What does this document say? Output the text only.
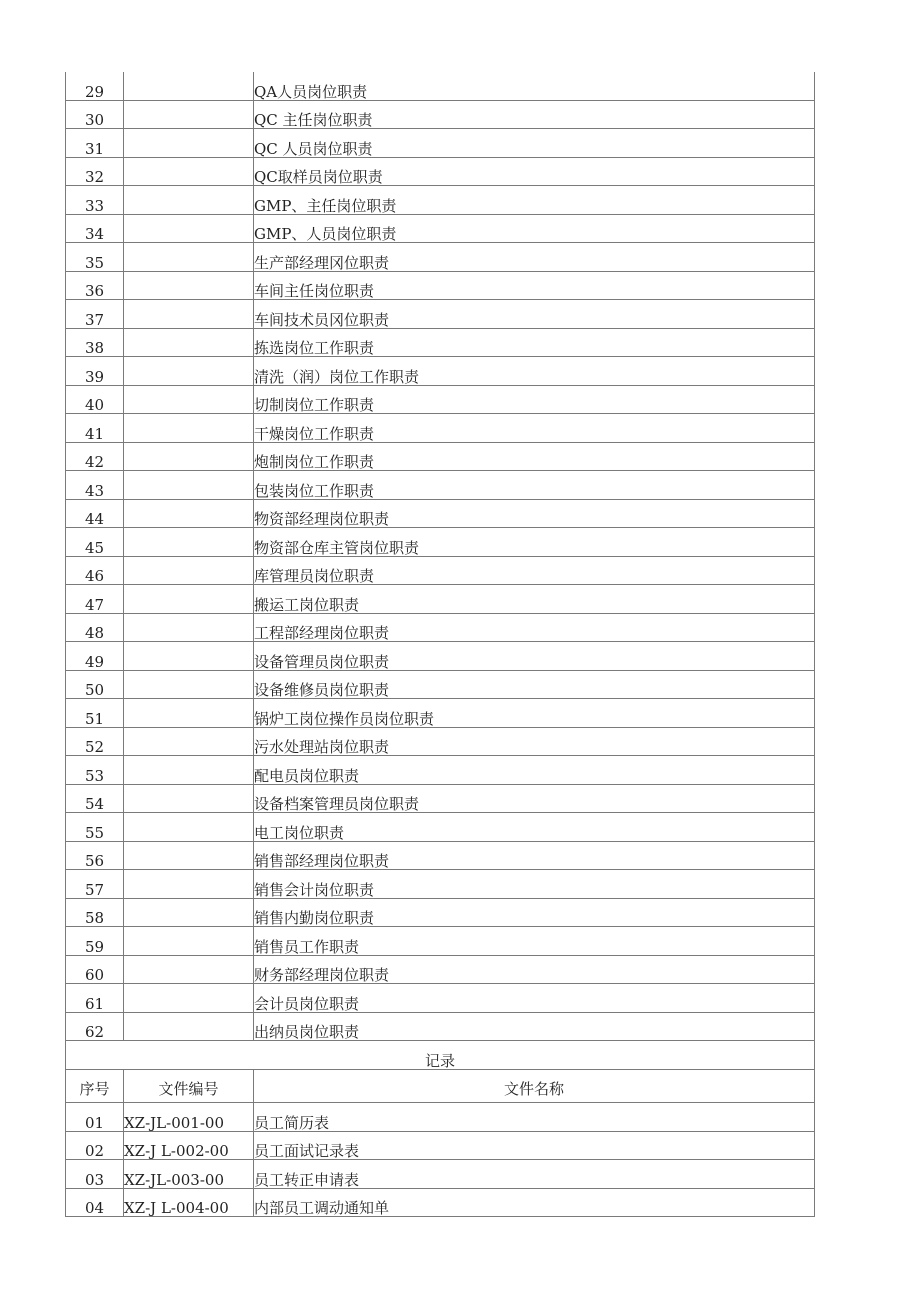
29		QA人员岗位职责
30		QC 主任岗位职责
31		QC 人员岗位职责
32		QC取样员岗位职责
33		GMP、主任岗位职责
34		GMP、人员岗位职责
35		生产部经理冈位职责
36		车间主任岗位职责
37		车间技术员冈位职责
38		拣选岗位工作职责
39		清洗（润）岗位工作职责
40		切制岗位工作职责
41		干燥岗位工作职责
42		炮制岗位工作职责
43		包装岗位工作职责
44		物资部经理岗位职责
45		物资部仓库主管岗位职责
46		库管理员岗位职责
47		搬运工岗位职责
48		工程部经理岗位职责
49		设备管理员岗位职责
50		设备维修员岗位职责
51		锅炉工岗位操作员岗位职责
52		污水处理站岗位职责
53		配电员岗位职责
54		设备档案管理员岗位职责
55		电工岗位职责
56		销售部经理岗位职责
57		销售会计岗位职责
58		销售内勤岗位职责
59		销售员工作职责
60		财务部经理岗位职责
61		会计员岗位职责
62		出纳员岗位职责
记录		
序号	文件编号	文件名称
01	XZ-JL-001-00	员工简历表
02	XZ-J L-002-00	员工面试记录表
03	XZ-JL-003-00	员工转正申请表
04	XZ-J L-004-00	内部员工调动通知单
